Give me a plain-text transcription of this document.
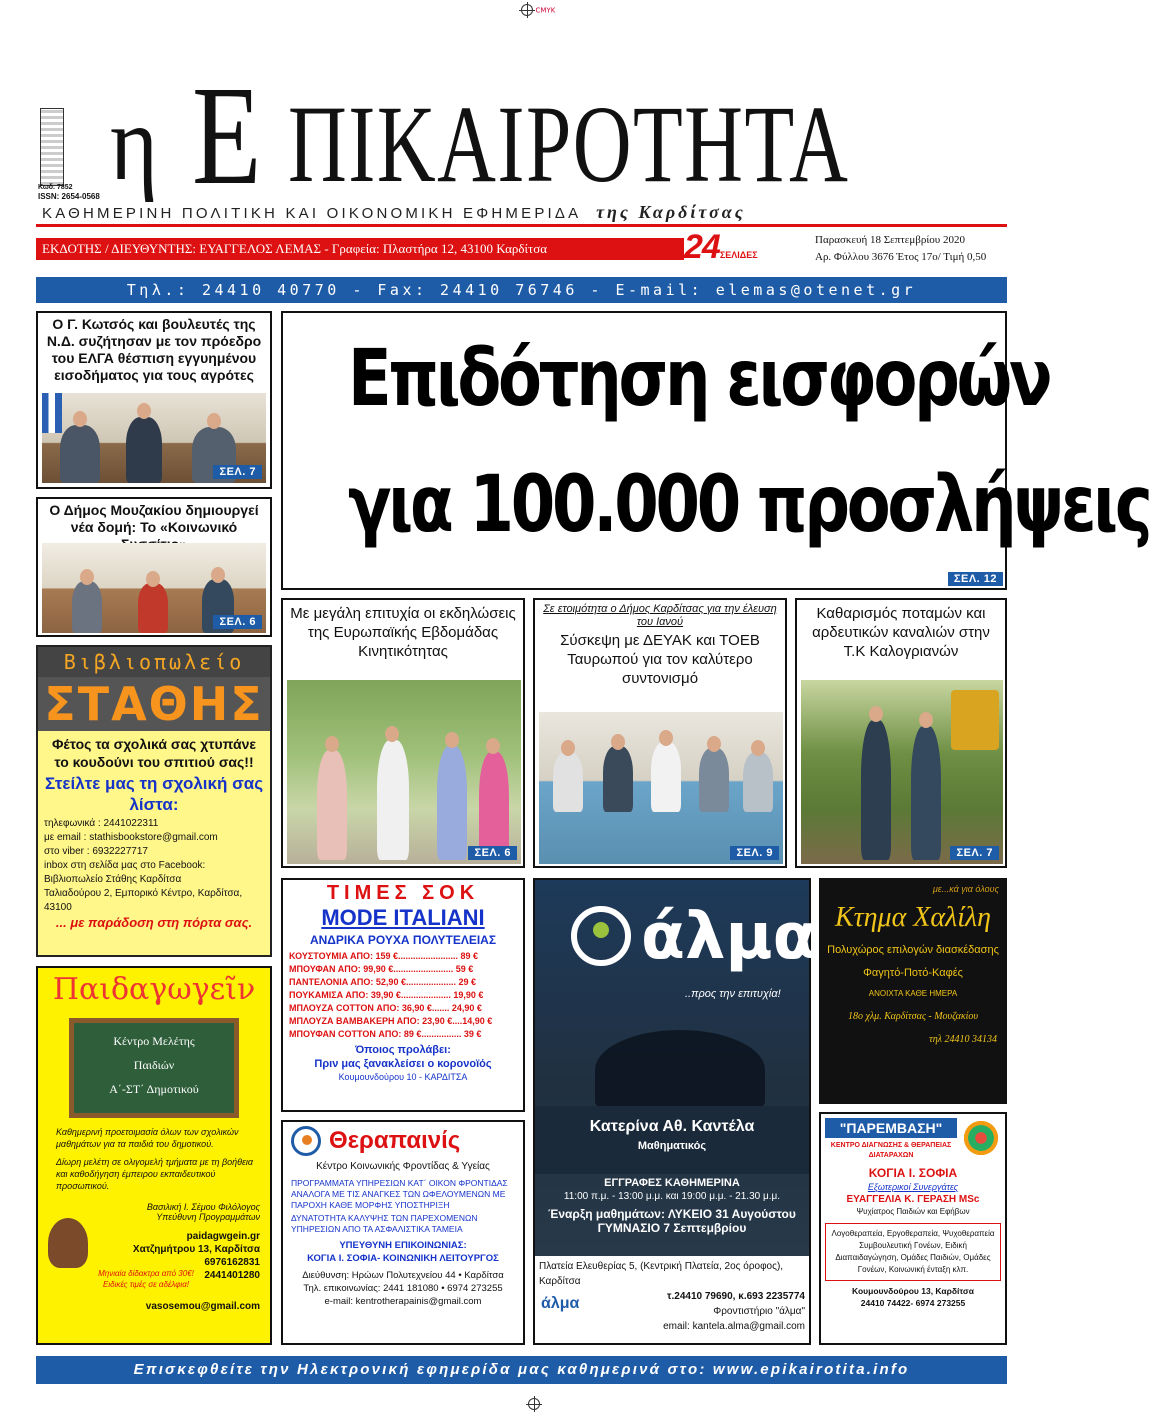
CMYK
Κωδ. 7852
ISSN: 2654-0568 η Ε ΠΙΚΑΙΡΟΤΗΤΑ
ΚΑΘΗΜΕΡΙΝΗ ΠΟΛΙΤΙΚΗ ΚΑΙ ΟΙΚΟΝΟΜΙΚΗ ΕΦΗΜΕΡΙΔΑ της Καρδίτσας
ΕΚΔΟΤΗΣ / ΔΙΕΥΘΥΝΤΗΣ: ΕΥΑΓΓΕΛΟΣ ΛΕΜΑΣ - Γραφεία: Πλαστήρα 12, 43100 Καρδίτσα	24ΣΕΛΙΔΕΣ
Παρασκευή 18 Σεπτεμβρίου 2020
Αρ. Φύλλου 3676 Έτος 17ο/ Τιμή 0,50
Τηλ.: 24410 40770 - Fax: 24410 76746 - E-mail: elemas@otenet.gr
Ο Γ. Κωτσός και βουλευτές της Ν.Δ. συζήτησαν με τον πρόεδρο του ΕΛΓΑ θέσπιση εγγυημένου εισοδήματος για τους αγρότες
ΣΕΛ. 7
Ο Δήμος Μουζακίου δημιουργεί νέα δομή: Το «Κοινωνικό
ΣΕΛ. 6
Επιδότηση εισφορών
για 100.000 προσλήψεις
ΣΕΛ. 12
Με μεγάλη επιτυχία οι εκδηλώσεις της Ευρωπαϊκής Εβδομάδας Κινητικότητας
ΣΕΛ. 6
Σε ετοιμότητα ο Δήμος Καρδίτσας για την έλευση του Ιανού
Σύσκεψη με ΔΕΥΑΚ και ΤΟΕΒ Ταυρωπού για τον καλύτερο συντονισμό
ΣΕΛ. 9
Καθαρισμός ποταμών και αρδευτικών καναλιών στην Τ.Κ Καλογριανών
ΣΕΛ. 7
Βιβλιοπωλείο
ΣΤΑΘΗΣ
Φέτος τα σχολικά σας χτυπάνε το κουδούνι του σπιτιού σας!!
Στείλτε μας τη σχολική σας λίστα:
τηλεφωνικά : 2441022311
με email : stathisbookstore@gmail.com
στο viber : 6932227717
inbox στη σελίδα μας στο Facebook: Βιβλιοπωλείο Στάθης Καρδίτσα
Ταλιαδούρου 2, Εμπορικό Κέντρο, Καρδίτσα, 43100
... με παράδοση στη πόρτα σας.
ΤΙΜΕΣ ΣΟΚ
MODE ITALIANI
ΑΝΔΡΙΚΑ ΡΟΥΧΑ ΠΟΛΥΤΕΛΕΙΑΣ
ΚΟΥΣΤΟΥΜΙΑ ΑΠΟ: 159 €........................ 89 €
ΜΠΟΥΦΑΝ ΑΠΟ: 99,90 €........................ 59 €
ΠΑΝΤΕΛΟΝΙΑ ΑΠΟ: 52,90 €.................... 29 €
ΠΟΥΚΑΜΙΣΑ ΑΠΟ: 39,90 €.................... 19,90 €
ΜΠΛΟΥΖΑ COTTON ΑΠΟ: 36,90 €....... 24,90 €
ΜΠΛΟΥΖΑ ΒΑΜΒΑΚΕΡΗ ΑΠΟ: 23,90 €....14,90 €
ΜΠΟΥΦΑΝ COTTON ΑΠΟ: 89 €................ 39 €
Όποιος προλάβει:
Πριν μας ξανακλείσει ο κορονοϊός
Κουμουνδούρου 10 - ΚΑΡΔΙΤΣΑ
άλμα
..προς την επιτυχία!
Κατερίνα Αθ. Καντέλα
Μαθηματικός
ΕΓΓΡΑΦΕΣ ΚΑΘΗΜΕΡΙΝΑ
11:00 π.μ. - 13:00 μ.μ. και 19:00 μ.μ. - 21.30 μ.μ.
Έναρξη μαθημάτων: ΛΥΚΕΙΟ 31 Αυγούστου
ΓΥΜΝΑΣΙΟ 7 Σεπτεμβρίου
Πλατεία Ελευθερίας 5, (Κεντρική Πλατεία, 2ος όροφος), Καρδίτσα
τ.24410 79690, κ.693 2235774
Φροντιστήριο "άλμα"
email: kantela.alma@gmail.com
άλμα
με...κά για όλους
Κτημα Χαλίλη
Πολυχώρος επιλογών διασκέδασης
Φαγητό-Ποτό-Καφές
ΑΝΟΙΧΤΑ ΚΑΘΕ ΗΜΕΡΑ
18ο χλμ. Καρδίτσας - Μουζακίου
τηλ 24410 34134
Παιδαγωγεῖν
Κέντρο Μελέτης
Παιδιών
Α΄-ΣΤ΄ Δημοτικού
Καθημερινή προετοιμασία όλων των σχολικών μαθημάτων για τα παιδιά του δημοτικού.
Δίωρη μελέτη σε ολιγομελή τμήματα με τη βοήθεια και καθοδήγηση έμπειρου εκπαιδευτικού προσωπικού.
Βασιλική Ι. Σέμου Φιλόλογος
Υπεύθυνη Προγραμμάτων
paidagwgein.gr
Χατζημήτρου 13, Καρδίτσα
6976162831
2441401280
vasosemou@gmail.com
Μηνιαία δίδακτρα από 30€!
Ειδικές τιμές σε αδέλφια!
Θεραπαινίς
Κέντρο Κοινωνικής Φροντίδας & Υγείας
ΠΡΟΓΡΑΜΜΑΤΑ ΥΠΗΡΕΣΙΩΝ ΚΑΤ΄ ΟΙΚΟΝ ΦΡΟΝΤΙΔΑΣ ΑΝΑΛΟΓΑ ΜΕ ΤΙΣ ΑΝΑΓΚΕΣ ΤΩΝ ΩΦΕΛΟΥΜΕΝΩΝ ΜΕ ΠΑΡΟΧΗ ΚΑΘΕ ΜΟΡΦΗΣ ΥΠΟΣΤΗΡΙΞΗ
ΔΥΝΑΤΟΤΗΤΑ ΚΑΛΥΨΗΣ ΤΩΝ ΠΑΡΕΧΟΜΕΝΩΝ ΥΠΗΡΕΣΙΩΝ ΑΠΟ ΤΑ ΑΣΦΑΛΙΣΤΙΚΑ ΤΑΜΕΙΑ
ΥΠΕΥΘΥΝΗ ΕΠΙΚΟΙΝΩΝΙΑΣ:
ΚΟΓΙΑ Ι. ΣΟΦΙΑ- ΚΟΙΝΩΝΙΚΗ ΛΕΙΤΟΥΡΓΟΣ
Διεύθυνση: Ηρώων Πολυτεχνείου 44 • Καρδίτσα
Τηλ. επικοινωνίας: 2441 181080 • 6974 273255
e-mail: kentrotherapainis@gmail.com
"ΠΑΡΕΜΒΑΣΗ"
ΚΕΝΤΡΟ ΔΙΑΓΝΩΣΗΣ & ΘΕΡΑΠΕΙΑΣ ΔΙΑΤΑΡΑΧΩΝ
ΚΟΓΙΑ Ι. ΣΟΦΙΑ
Εξωτερικοί Συνεργάτες
ΕΥΑΓΓΕΛΙΑ Κ. ΓΕΡΑΣΗ MSc
Ψυχίατρος Παιδιών και Εφήβων
Λογοθεραπεία, Εργοθεραπεία, Ψυχοθεραπεία Συμβουλευτική Γονέων, Ειδική Διαπαιδαγώγηση, Ομάδες Παιδιών, Ομάδες Γονέων, Κοινωνική ένταξη κλπ.
Κουμουνδούρου 13, Καρδίτσα
24410 74422- 6974 273255
Επισκεφθείτε την Ηλεκτρονική εφημερίδα μας καθημερινά στο: www.epikairotita.info
